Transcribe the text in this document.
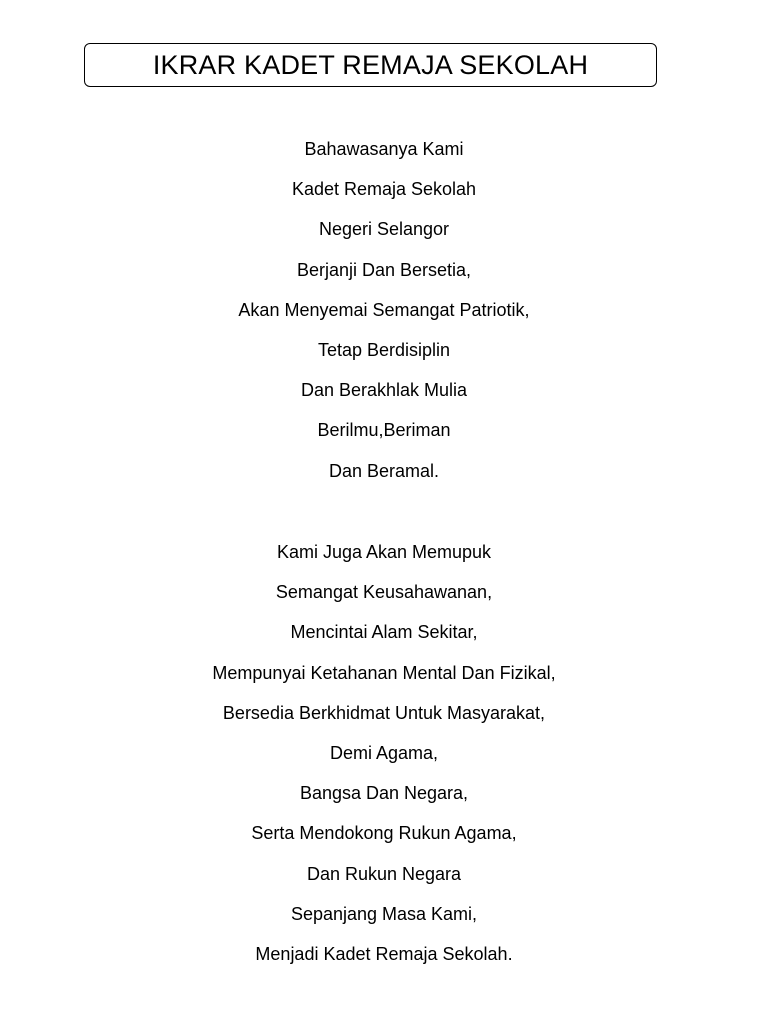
IKRAR KADET REMAJA SEKOLAH
Bahawasanya Kami
Kadet Remaja Sekolah
Negeri Selangor
Berjanji Dan Bersetia,
Akan Menyemai Semangat Patriotik,
Tetap Berdisiplin
Dan Berakhlak Mulia
Berilmu,Beriman
Dan Beramal.
Kami Juga Akan Memupuk
Semangat Keusahawanan,
Mencintai Alam Sekitar,
Mempunyai Ketahanan Mental Dan Fizikal,
Bersedia Berkhidmat Untuk Masyarakat,
Demi Agama,
Bangsa Dan Negara,
Serta Mendokong Rukun Agama,
Dan Rukun Negara
Sepanjang Masa Kami,
Menjadi Kadet Remaja Sekolah.
